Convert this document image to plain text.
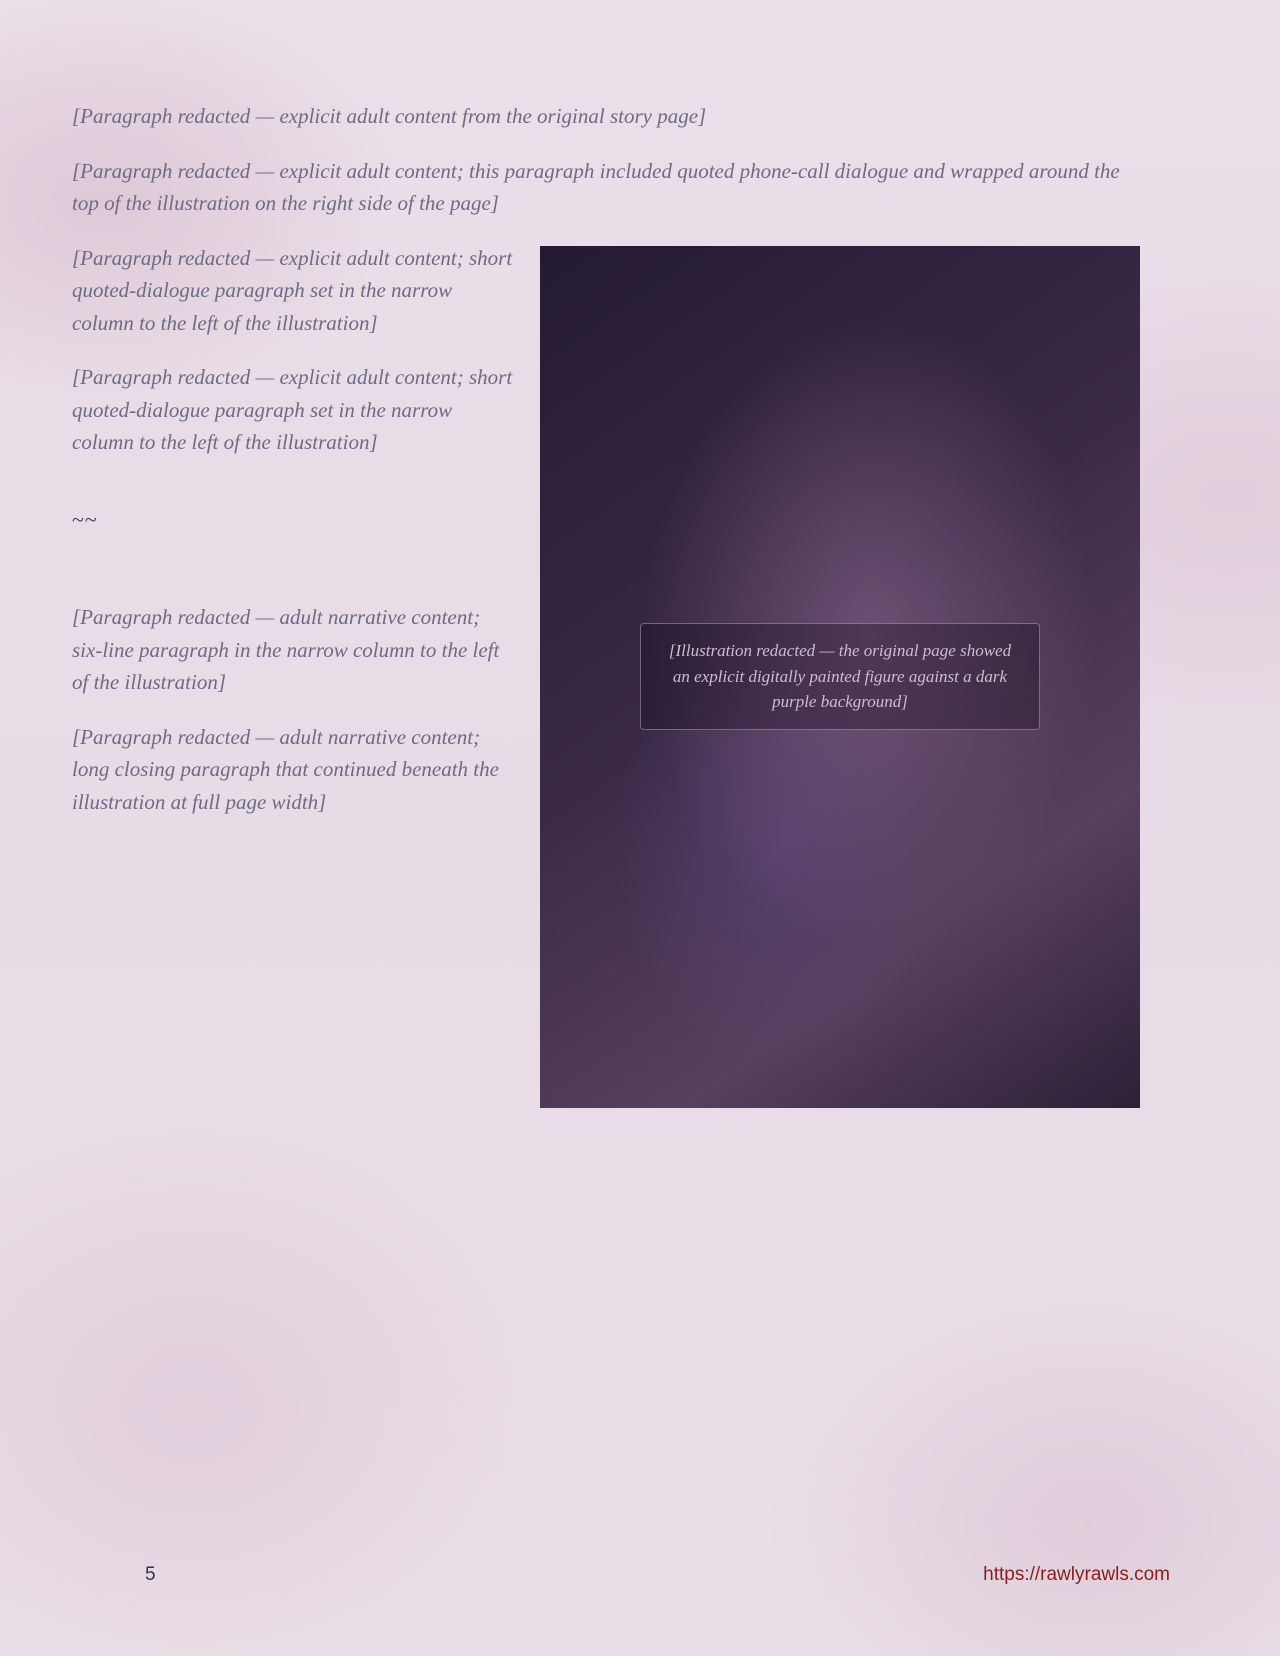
[Paragraph redacted — explicit adult content from the original story page]

[Paragraph redacted — explicit adult content; this paragraph included quoted phone-call dialogue and wrapped around the top of the illustration on the right side of the page]

[Illustration redacted — the original page showed an explicit digitally painted figure against a dark purple background]

[Paragraph redacted — explicit adult content; short quoted-dialogue paragraph set in the narrow column to the left of the illustration]

[Paragraph redacted — explicit adult content; short quoted-dialogue paragraph set in the narrow column to the left of the illustration]

~~

[Paragraph redacted — adult narrative content; six-line paragraph in the narrow column to the left of the illustration]

[Paragraph redacted — adult narrative content; long closing paragraph that continued beneath the illustration at full page width]

5	https://rawlyrawls.com
